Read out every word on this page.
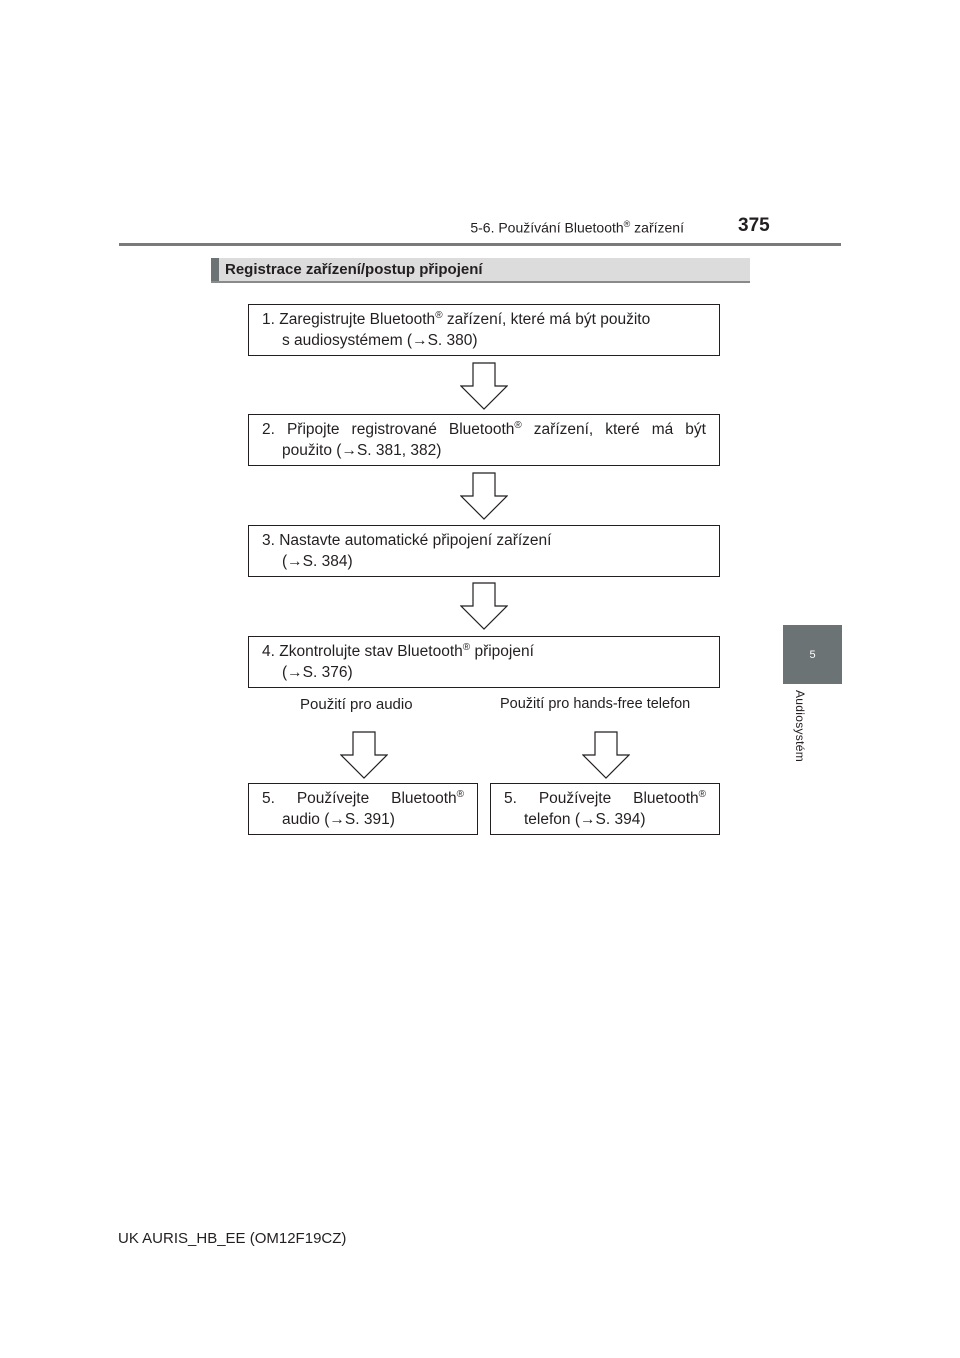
5-6. Používání Bluetooth® zařízení	375
5
Audiosystém
Registrace zařízení/postup připojení
1. Zaregistrujte Bluetooth® zařízení, které má být použito
s audiosystémem (→S. 380)
2. Připojte registrované Bluetooth® zařízení, které má být
použito (→S. 381, 382)
3. Nastavte automatické připojení zařízení
(→S. 384)
4. Zkontrolujte stav Bluetooth® připojení
(→S. 376)
Použití pro audio	Použití pro hands-free telefon
5. Používejte Bluetooth®
audio (→S. 391)
5. Používejte Bluetooth®
telefon (→S. 394)
UK AURIS_HB_EE (OM12F19CZ)
